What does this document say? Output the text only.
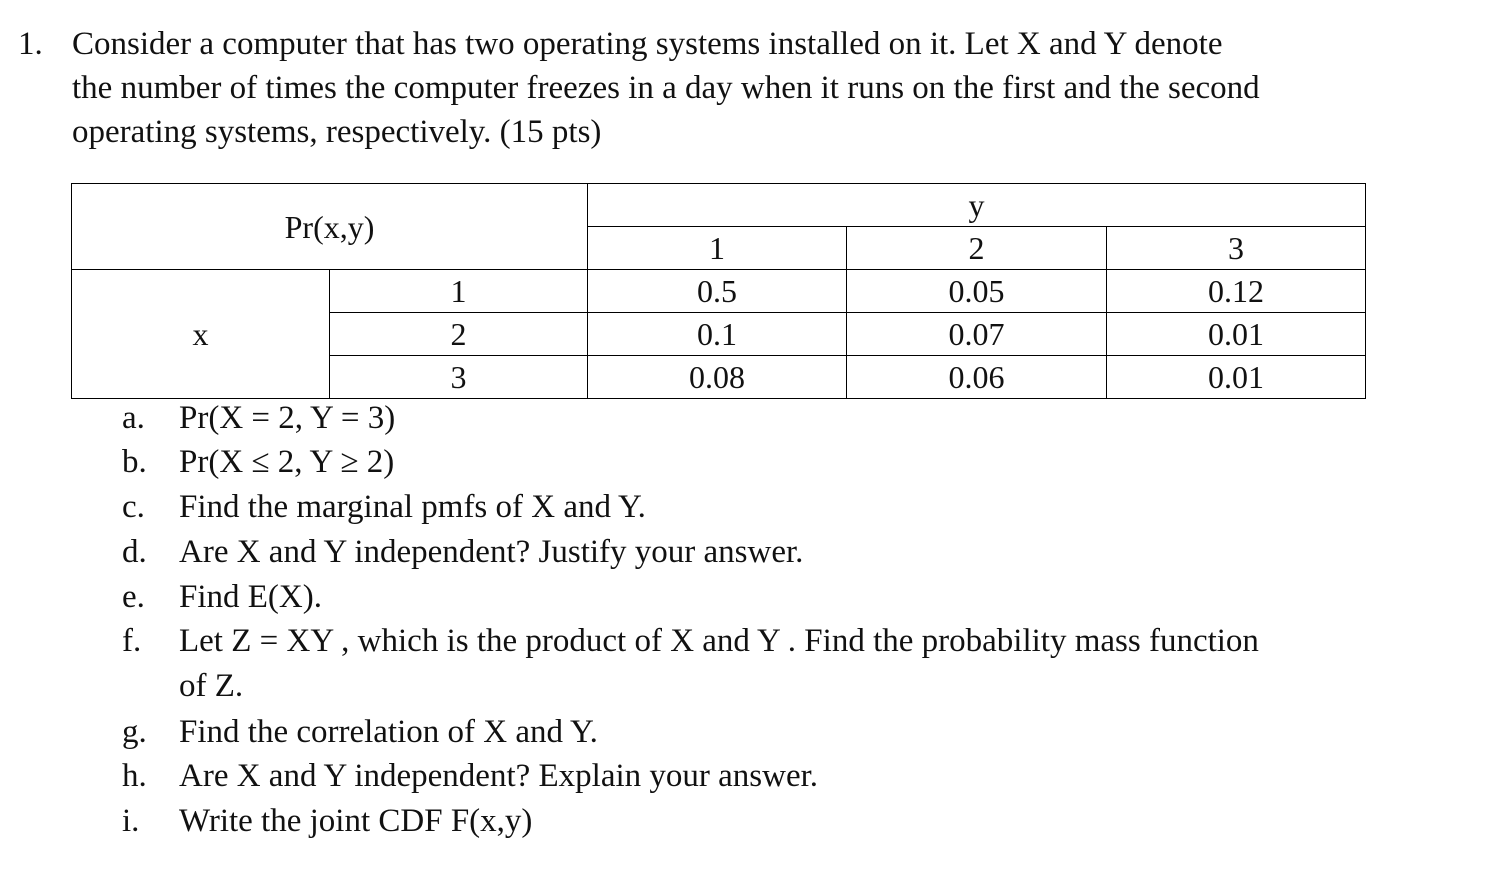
1. Consider a computer that has two operating systems installed on it. Let X and Y denote
the number of times the computer freezes in a day when it runs on the first and the second
operating systems, respectively. (15 pts)
Pr(x,y)		y		
		1	2	3
x	1	0.5	0.05	0.12
	2	0.1	0.07	0.01
	3	0.08	0.06	0.01
a. Pr(X = 2, Y = 3)
b. Pr(X ≤ 2, Y ≥ 2)
c. Find the marginal pmfs of X and Y.
d. Are X and Y independent? Justify your answer.
e. Find E(X).
f. Let Z = XY , which is the product of X and Y . Find the probability mass function
of Z.
g. Find the correlation of X and Y.
h. Are X and Y independent? Explain your answer.
i. Write the joint CDF F(x,y)
